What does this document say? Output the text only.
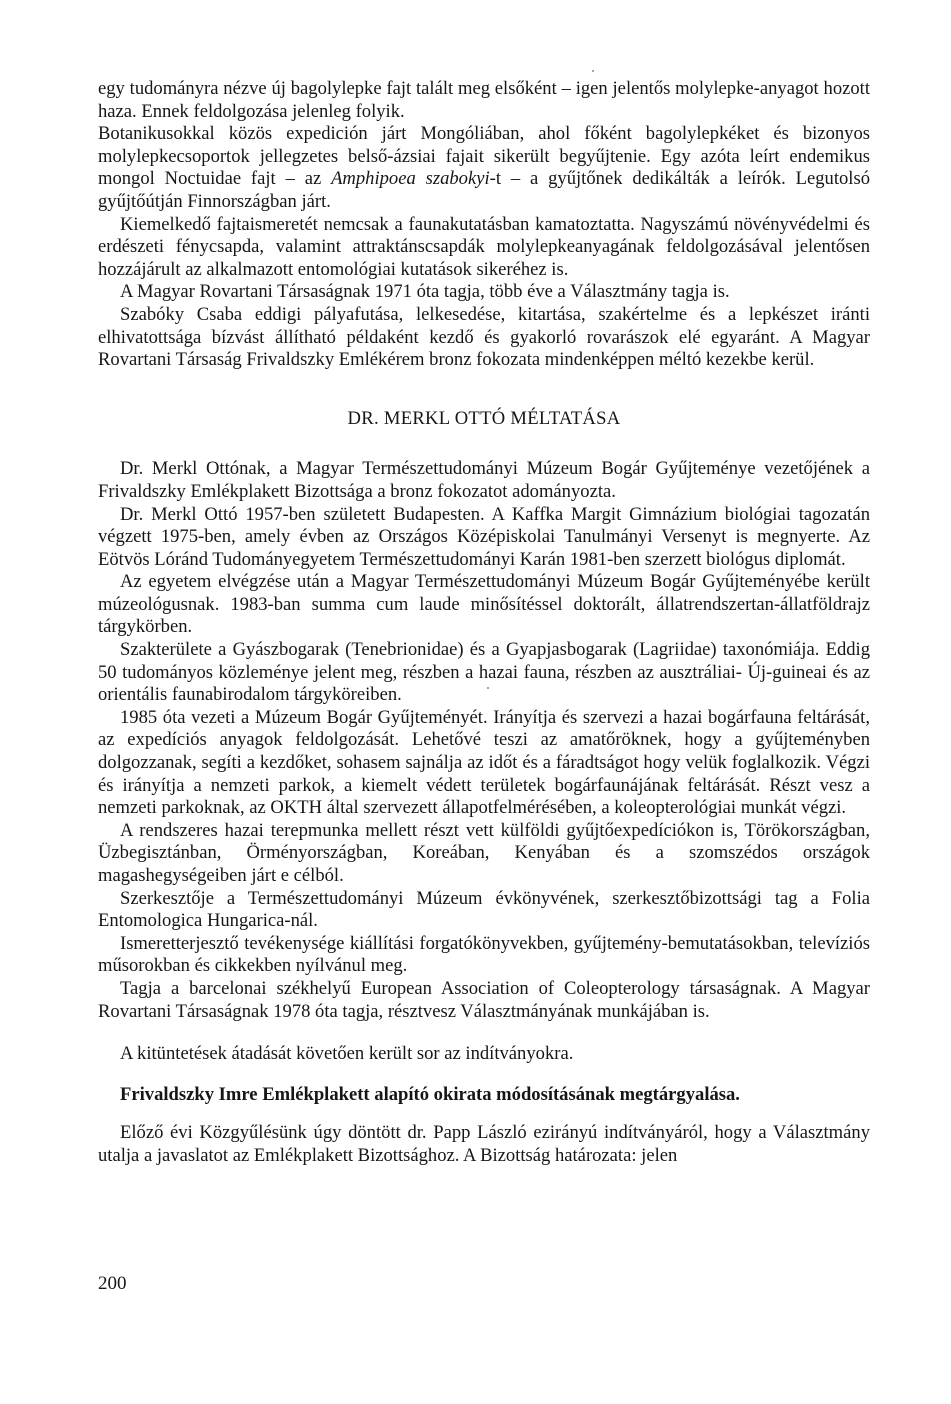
egy tudományra nézve új bagolylepke fajt talált meg elsőként – igen jelentős molylepke-anyagot hozott haza. Ennek feldolgozása jelenleg folyik.

Botanikusokkal közös expedición járt Mongóliában, ahol főként bagolylepkéket és bizonyos molylepkecsoportok jellegzetes belső-ázsiai fajait sikerült begyűjtenie. Egy azóta leírt endemikus mongol Noctuidae fajt – az Amphipoea szabokyi-t – a gyűjtőnek dedikálták a leírók. Legutolsó gyűjtőútján Finnországban járt.

Kiemelkedő fajtaismeretét nemcsak a faunakutatásban kamatoztatta. Nagyszámú növényvédelmi és erdészeti fénycsapda, valamint attraktánscsapdák molylepkeanyagának feldolgozásával jelentősen hozzájárult az alkalmazott entomológiai kutatások sikeréhez is.

A Magyar Rovartani Társaságnak 1971 óta tagja, több éve a Választmány tagja is.

Szabóky Csaba eddigi pályafutása, lelkesedése, kitartása, szakértelme és a lepkészet iránti elhivatottsága bízvást állítható példaként kezdő és gyakorló rovarászok elé egyaránt. A Magyar Rovartani Társaság Frivaldszky Emlékérem bronz fokozata mindenképpen méltó kezekbe kerül.

DR. MERKL OTTÓ MÉLTATÁSA

Dr. Merkl Ottónak, a Magyar Természettudományi Múzeum Bogár Gyűjteménye vezetőjének a Frivaldszky Emlékplakett Bizottsága a bronz fokozatot adományozta.

Dr. Merkl Ottó 1957-ben született Budapesten. A Kaffka Margit Gimnázium biológiai tagozatán végzett 1975-ben, amely évben az Országos Középiskolai Tanulmányi Versenyt is megnyerte. Az Eötvös Lóránd Tudományegyetem Természettudományi Karán 1981-ben szerzett biológus diplomát.

Az egyetem elvégzése után a Magyar Természettudományi Múzeum Bogár Gyűjteményébe került múzeológusnak. 1983-ban summa cum laude minősítéssel doktorált, állatrendszertan-állatföldrajz tárgykörben.

Szakterülete a Gyászbogarak (Tenebrionidae) és a Gyapjasbogarak (Lagriidae) taxonómiája. Eddig 50 tudományos közleménye jelent meg, részben a hazai fauna, részben az ausztráliai- Új-guineai és az orientális faunabirodalom tárgyköreiben.

1985 óta vezeti a Múzeum Bogár Gyűjteményét. Irányítja és szervezi a hazai bogárfauna feltárását, az expedíciós anyagok feldolgozását. Lehetővé teszi az amatőröknek, hogy a gyűjteményben dolgozzanak, segíti a kezdőket, sohasem sajnálja az időt és a fáradtságot hogy velük foglalkozik. Végzi és irányítja a nemzeti parkok, a kiemelt védett területek bogárfaunájának feltárását. Részt vesz a nemzeti parkoknak, az OKTH által szervezett állapotfelmérésében, a koleopterológiai munkát végzi.

A rendszeres hazai terepmunka mellett részt vett külföldi gyűjtőexpedíciókon is, Törökországban, Üzbegisztánban, Örményországban, Koreában, Kenyában és a szomszédos országok magashegységeiben járt e célból.

Szerkesztője a Természettudományi Múzeum évkönyvének, szerkesztőbizottsági tag a Folia Entomologica Hungarica-nál.

Ismeretterjesztő tevékenysége kiállítási forgatókönyvekben, gyűjtemény-bemutatásokban, televíziós műsorokban és cikkekben nyílvánul meg.

Tagja a barcelonai székhelyű European Association of Coleopterology társaságnak. A Magyar Rovartani Társaságnak 1978 óta tagja, résztvesz Választmányának munkájában is.

A kitüntetések átadását követően került sor az indítványokra.

Frivaldszky Imre Emlékplakett alapító okirata módosításának megtárgyalása.

Előző évi Közgyűlésünk úgy döntött dr. Papp László ezirányú indítványáról, hogy a Választmány utalja a javaslatot az Emlékplakett Bizottsághoz. A Bizottság határozata: jelen

200
